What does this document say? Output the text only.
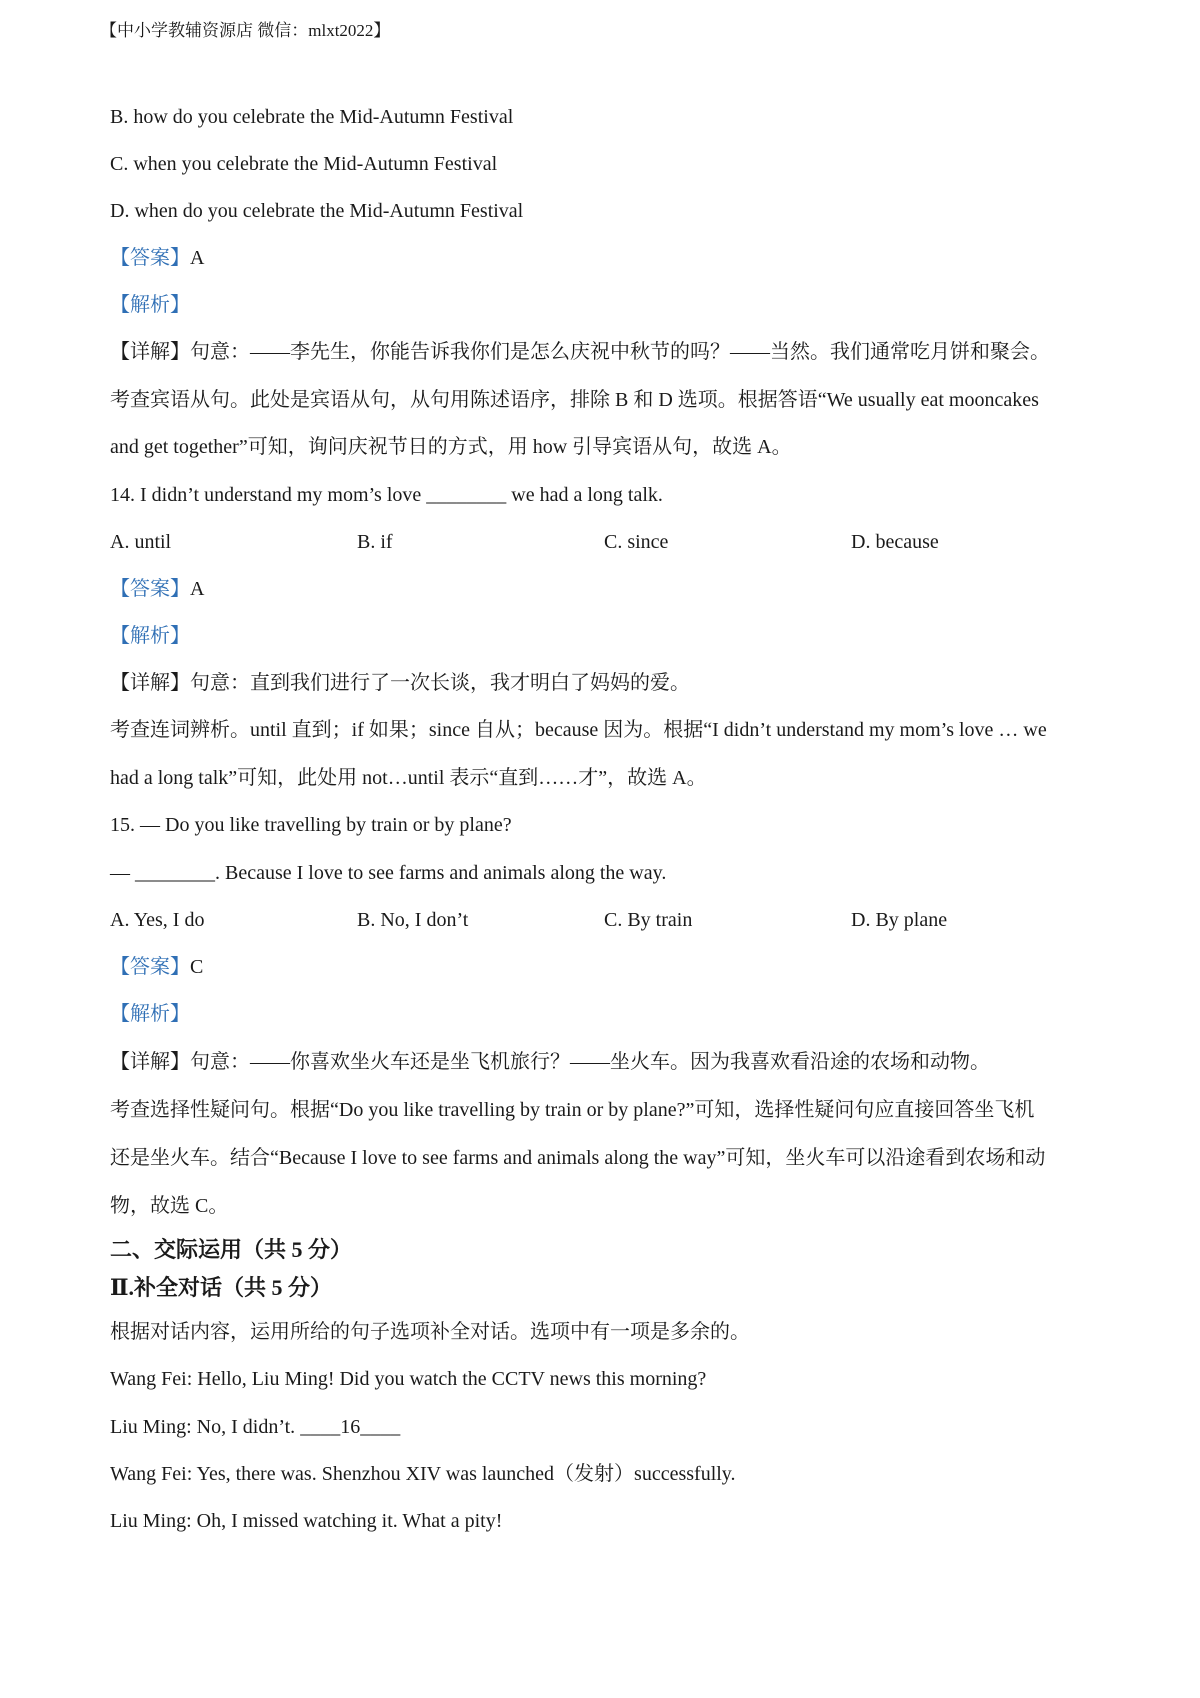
【中小学教辅资源店 微信：mlxt2022】
B. how do you celebrate the Mid-Autumn Festival
C. when you celebrate the Mid-Autumn Festival
D. when do you celebrate the Mid-Autumn Festival
【答案】A
【解析】
【详解】句意：——李先生，你能告诉我你们是怎么庆祝中秋节的吗？——当然。我们通常吃月饼和聚会。
考查宾语从句。此处是宾语从句，从句用陈述语序，排除 B 和 D 选项。根据答语“We usually eat mooncakes
and get together”可知，询问庆祝节日的方式，用 how 引导宾语从句，故选 A。
14. I didn’t understand my mom’s love ________ we had a long talk.
A. until	B. if	C. since	D. because
【答案】A
【解析】
【详解】句意：直到我们进行了一次长谈，我才明白了妈妈的爱。
考查连词辨析。until 直到；if 如果；since 自从；because 因为。根据“I didn’t understand my mom’s love … we
had a long talk”可知，此处用 not…until 表示“直到……才”，故选 A。
15. — Do you like travelling by train or by plane?
— ________. Because I love to see farms and animals along the way.
A. Yes, I do	B. No, I don’t	C. By train	D. By plane
【答案】C
【解析】
【详解】句意：——你喜欢坐火车还是坐飞机旅行？——坐火车。因为我喜欢看沿途的农场和动物。
考查选择性疑问句。根据“Do you like travelling by train or by plane?”可知，选择性疑问句应直接回答坐飞机
还是坐火车。结合“Because I love to see farms and animals along the way”可知，坐火车可以沿途看到农场和动
物，故选 C。
二、交际运用（共 5 分）
Ⅱ.补全对话（共 5 分）
根据对话内容，运用所给的句子选项补全对话。选项中有一项是多余的。
Wang Fei: Hello, Liu Ming! Did you watch the CCTV news this morning?
Liu Ming: No, I didn’t. ____16____
Wang Fei: Yes, there was. Shenzhou XIV was launched（发射）successfully.
Liu Ming: Oh, I missed watching it. What a pity!
